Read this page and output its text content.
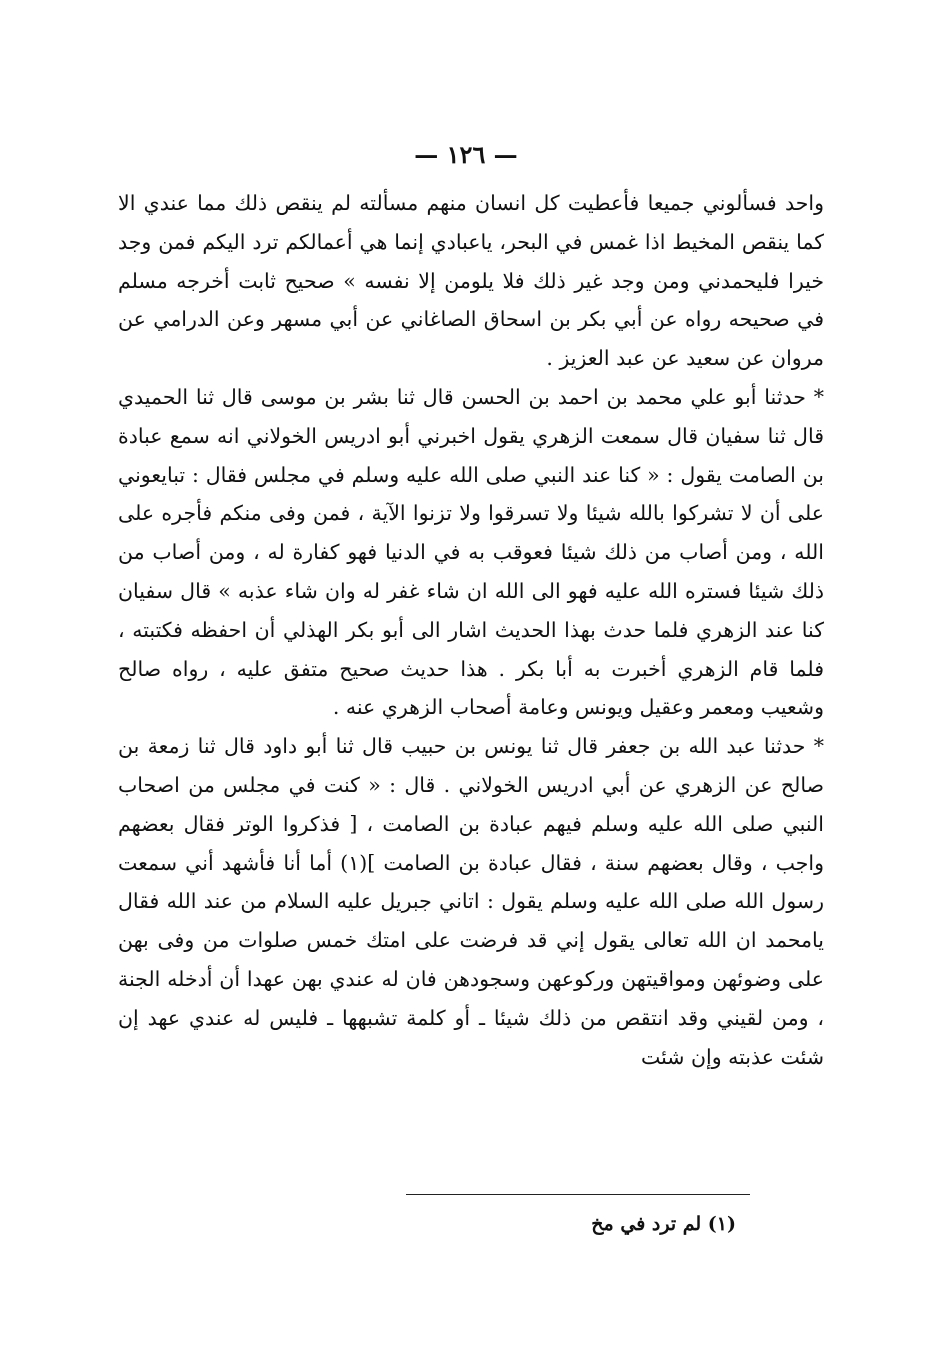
— ١٢٦ —

واحد فسألوني جميعا فأعطيت كل انسان منهم مسألته لم ينقص ذلك مما عندي الا كما ينقص المخيط اذا غمس في البحر، ياعبادي إنما هي أعمالكم ترد اليكم فمن وجد خيرا فليحمدني ومن وجد غير ذلك فلا يلومن إلا نفسه » صحيح ثابت أخرجه مسلم في صحيحه رواه عن أبي بكر بن اسحاق الصاغاني عن أبي مسهر وعن الدرامي عن مروان عن سعيد عن عبد العزيز .

* حدثنا أبو علي محمد بن احمد بن الحسن قال ثنا بشر بن موسى قال ثنا الحميدي قال ثنا سفيان قال سمعت الزهري يقول اخبرني أبو ادريس الخولاني انه سمع عبادة بن الصامت يقول : « كنا عند النبي صلى الله عليه وسلم في مجلس فقال : تبايعوني على أن لا تشركوا بالله شيئا ولا تسرقوا ولا تزنوا الآية ، فمن وفى منكم فأجره على الله ، ومن أصاب من ذلك شيئا فعوقب به في الدنيا فهو كفارة له ، ومن أصاب من ذلك شيئا فستره الله عليه فهو الى الله ان شاء غفر له وان شاء عذبه » قال سفيان كنا عند الزهري فلما حدث بهذا الحديث اشار الى أبو بكر الهذلي أن احفظه فكتبته ، فلما قام الزهري أخبرت به أبا بكر . هذا حديث صحيح متفق عليه ، رواه صالح وشعيب ومعمر وعقيل ويونس وعامة أصحاب الزهري عنه .

* حدثنا عبد الله بن جعفر قال ثنا يونس بن حبيب قال ثنا أبو داود قال ثنا زمعة بن صالح عن الزهري عن أبي ادريس الخولاني . قال : « كنت في مجلس من اصحاب النبي صلى الله عليه وسلم فيهم عبادة بن الصامت ، [ فذكروا الوتر فقال بعضهم واجب ، وقال بعضهم سنة ، فقال عبادة بن الصامت ](١) أما أنا فأشهد أني سمعت رسول الله صلى الله عليه وسلم يقول : اتاني جبريل عليه السلام من عند الله فقال يامحمد ان الله تعالى يقول إني قد فرضت على امتك خمس صلوات من وفى بهن على وضوئهن ومواقيتهن وركوعهن وسجودهن فان له عندي بهن عهدا أن أدخله الجنة ، ومن لقيني وقد انتقص من ذلك شيئا ـ أو كلمة تشبهها ـ فليس له عندي عهد إن شئت عذبته وإن شئت

(١) لم ترد في مخ
